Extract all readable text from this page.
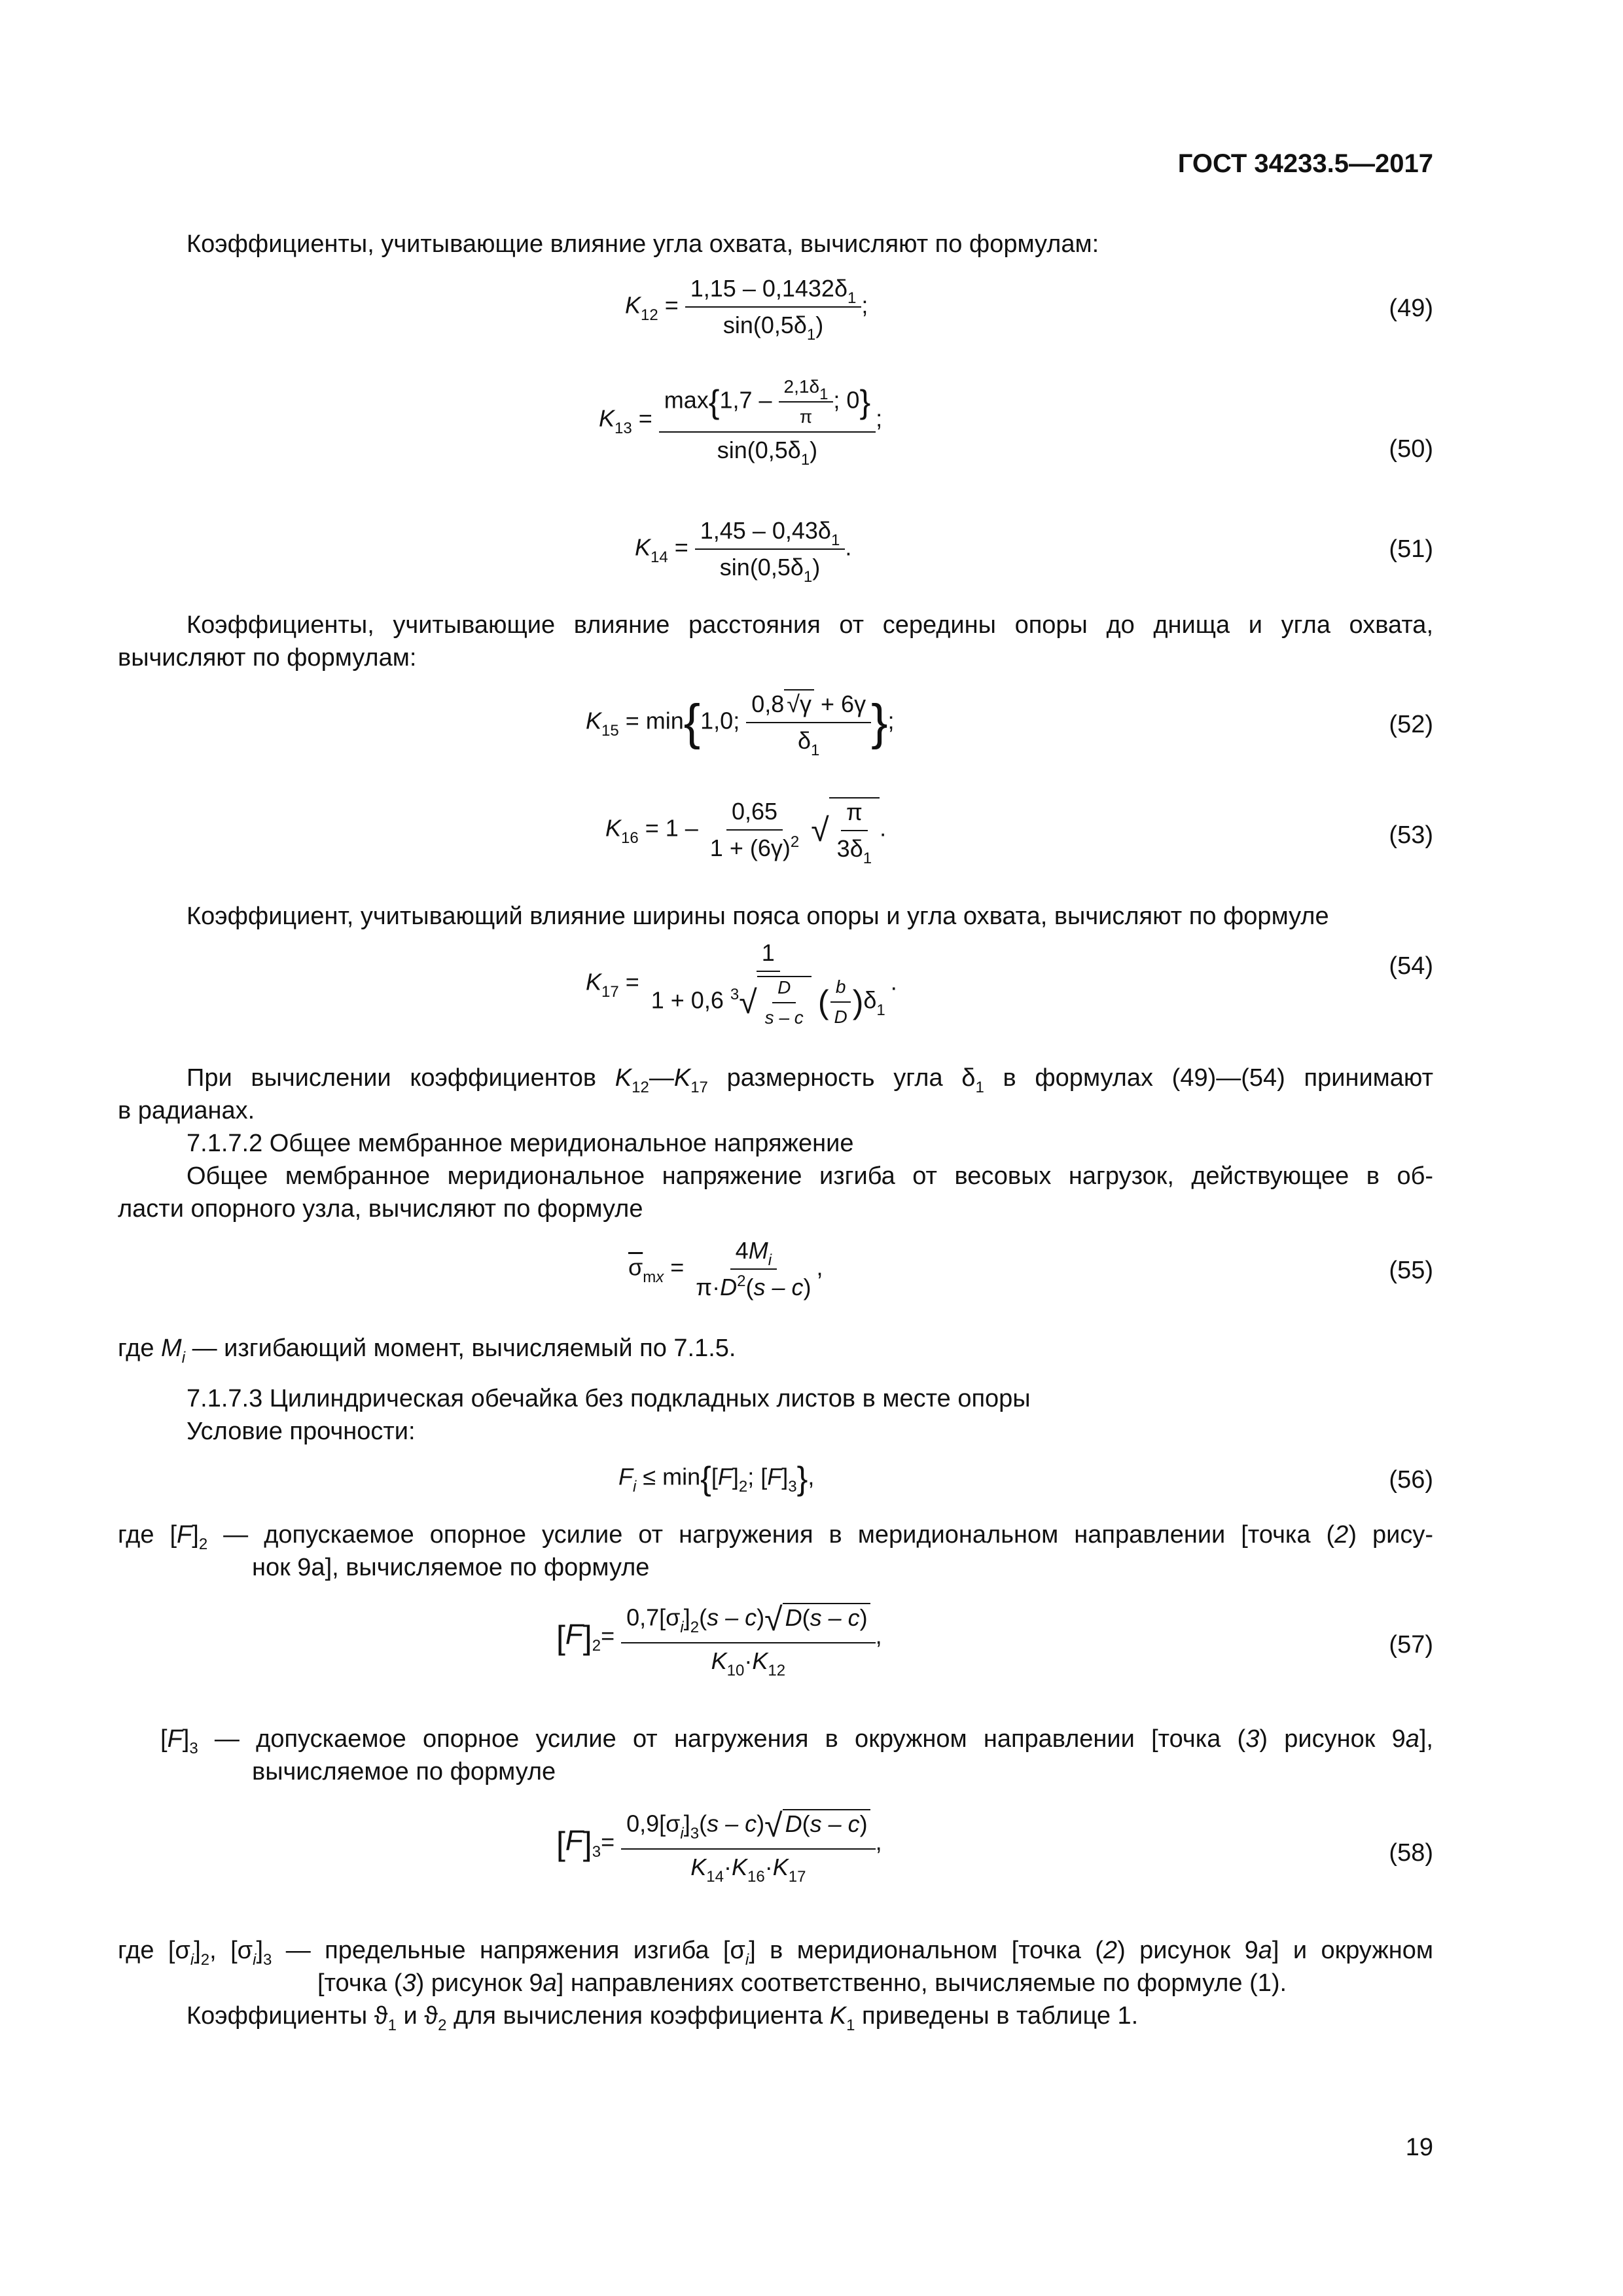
ГОСТ 34233.5—2017
Коэффициенты, учитывающие влияние угла охвата, вычисляют по формулам:
$K_{12} = \frac{1,15 - 0,1432\delta_1}{\sin(0,5\delta_1)}$ ;	(49)
$K_{13}$ =
$\max\{1,7 - \frac{2,1\delta 1}{\pi}$ ; 0}
$\sin(0,5\delta_1)$
;
(50)
$K_{14} = \frac{1,45 - 0,43\delta_1}{\sin(0,5\delta_1)}$ .	(51)
Коэффициенты, учитывающие влияние расстояния от середины опоры до днища и угла охвата,
вычисляют по формулам:
$K_{15} = \min\{1,0$; $\frac{0,8 √\gamma + 6\gamma}{\delta_1}$ };	(52)
$K_{16} = 1 - \frac{0,65}{1 + (6\gamma)^2}$ √ $\frac{\pi}{3\delta_1}$ .	(53)
Коэффициент, учитывающий влияние ширины пояса опоры и угла охвата, вычисляют по формуле
$K_{17} = \frac{1}{1 + 0,6 ^3√ \frac{D}{s - c} ( \frac{b}{D} )\delta_1}$ .
(54)
При вычислении коэффициентов $K_{12}—K_{17}$ размерность угла $\delta_1$ в формулах (49)—(54) принимают
в радианах.
7.1.7.2 Общее мембранное меридиональное напряжение
Общее мембранное меридиональное напряжение изгиба от весовых нагрузок, действующее в об-
ласти опорного узла, вычисляют по формуле
$\overline{\sigma}_{mx} = \frac{4M_i}{\pi\cdot D^2(s - c)}$ ,	(55)
где $M_i$ — изгибающий момент, вычисляемый по 7.1.5.
7.1.7.3 Цилиндрическая обечайка без подкладных листов в месте опоры
Условие прочности:
$F_i \le \min\{[F]_2$; $[F]_3$},	(56)
где $[F]_2$ — допускаемое опорное усилие от нагружения в меридиональном направлении [точка (2) рису-
нок 9а], вычисляемое по формуле
$[F]_2= \frac{0,7[\sigma_i]_2(s - c)√ D(s - c)}{K_{10}\cdot K_{12}}$ ,	(57)
$[F]_3$ — допускаемое опорное усилие от нагружения в окружном направлении [точка (3) рисунок 9а],
вычисляемое по формуле
$[F]_3= \frac{0,9[\sigma_i]_3(s - c)√ D(s - c)}{K_{14}\cdot K_{16}\cdot K_{17}}$ ,	(58)
где $[\sigma_i]_2$, $[\sigma_i]_3$ — предельные напряжения изгиба $[\sigma_i]$ в меридиональном [точка (2) рисунок 9а] и окружном
[точка (3) рисунок 9а] направлениях соответственно, вычисляемые по формуле (1).
Коэффициенты $ϑ_1$ и $ϑ_2$ для вычисления коэффициента $K_1$ приведены в таблице 1.
19
